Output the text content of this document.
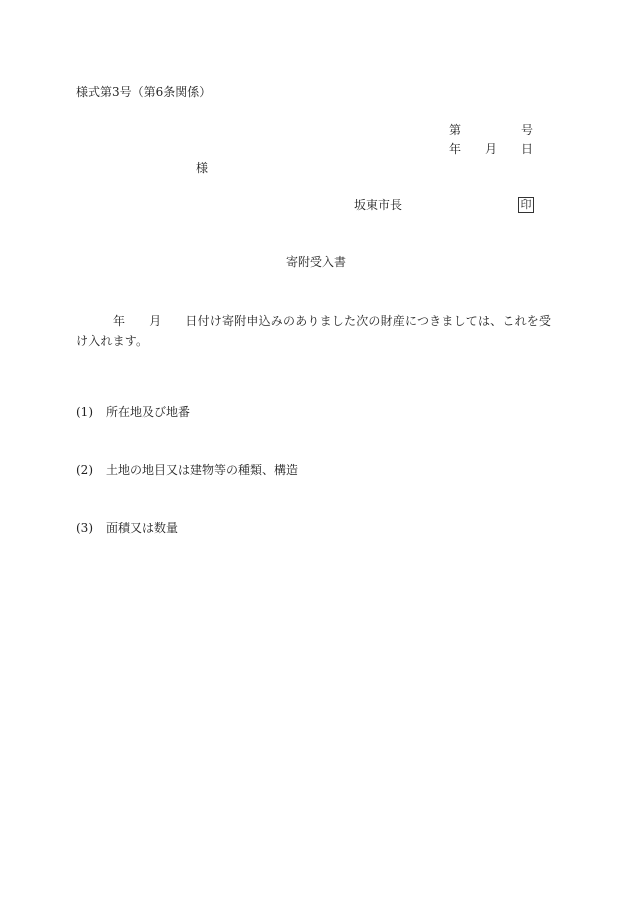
様式第3号（第6条関係）
第	号
年 月 日
様
坂東市長	印
寄附受入書
年 月 日付け寄附申込みのありました次の財産につきましては、これを受け入れます。
(1) 所在地及び地番
(2) 土地の地目又は建物等の種類、構造
(3) 面積又は数量
